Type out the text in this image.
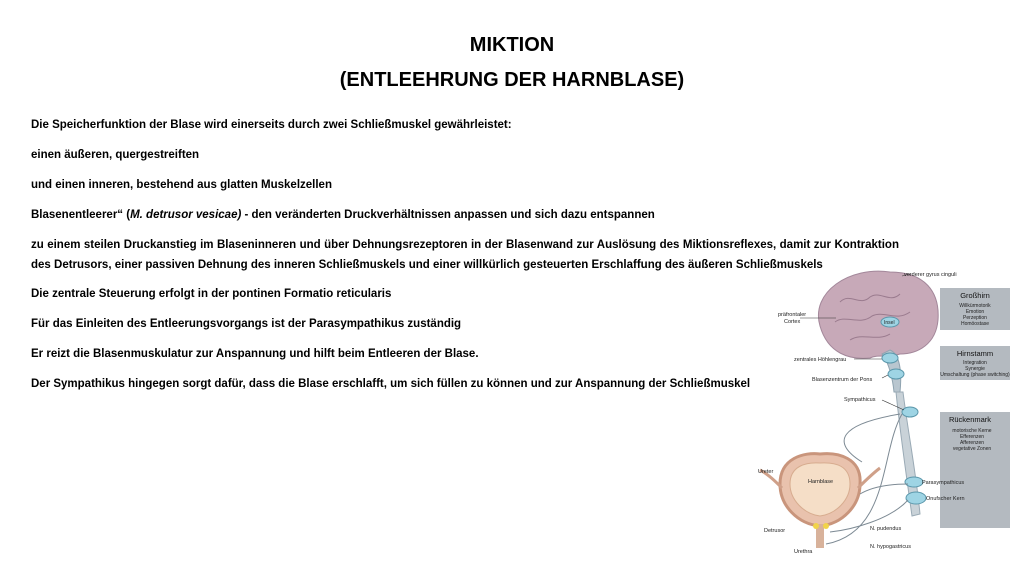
MIKTION
(ENTLEEHRUNG DER HARNBLASE)

Die Speicherfunktion der Blase wird einerseits durch zwei Schließmuskel gewährleistet:

einen äußeren, quergestreiften

und einen inneren, bestehend aus glatten Muskelzellen

Blasenentleerer“ (M. detrusor vesicae) - den veränderten Druckverhältnissen anpassen und sich dazu entspannen

zu einem steilen Druckanstieg im Blaseninneren und über Dehnungsrezeptoren in der Blasenwand zur Auslösung des Miktionsreflexes, damit zur Kontraktion des Detrusors, einer passiven Dehnung des inneren Schließmuskels und einer willkürlich gesteuerten Erschlaffung des äußeren Schließmuskels

Die zentrale Steuerung erfolgt in der pontinen Formatio reticularis

Für das Einleiten des Entleerungsvorgangs ist der Parasympathikus zuständig

Er reizt die Blasenmuskulatur zur Anspannung und hilft beim Entleeren der Blase.

Der Sympathikus hingegen sorgt dafür, dass die Blase erschlafft, um sich füllen zu können und zur Anspannung der Schließmuskel

vorderer gyrus cinguli
präfrontaler
Cortex	Insel
zentrales Höhlengrau
Blasenzentrum der Pons
Sympathicus
Ureter
Harnblase
Detrusor
Urethra
Parasympathicus
Onufscher Kern
N. pudendus
N. hypogastricus
Großhirn
Willkürmotorik
Emotion
Perzeption
Homöostase
Hirnstamm
Integration
Synergie
Umschaltung (phase switching)
Rückenmark
motorische Kerne
Efferenzen
Afferenzen
vegetative Zonen
